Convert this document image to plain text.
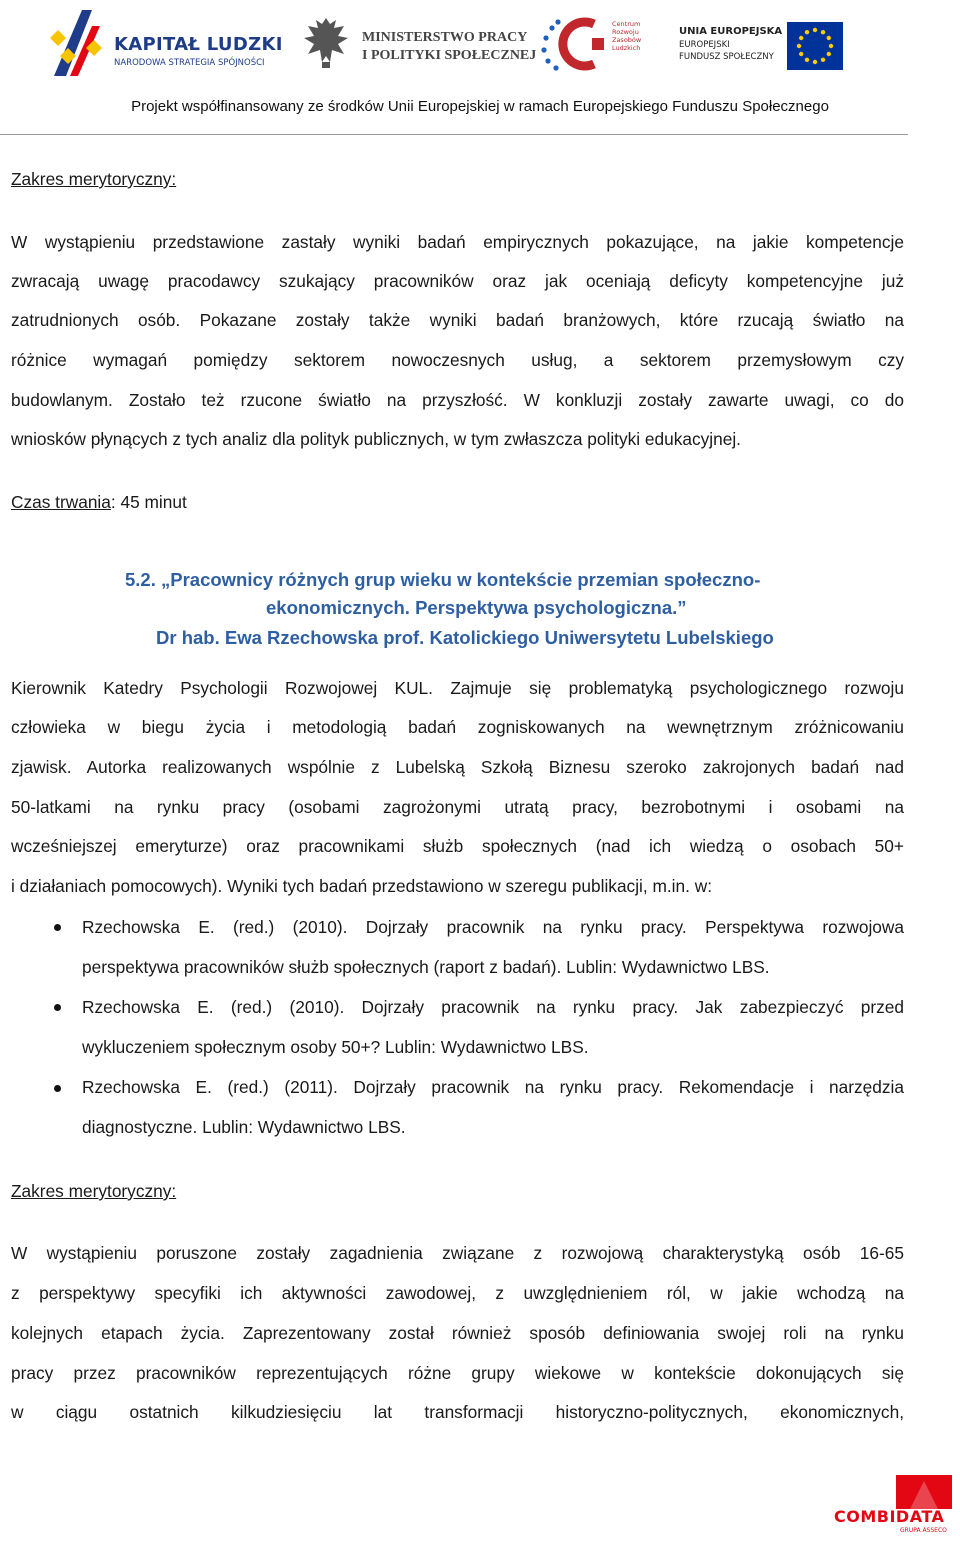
KAPITAŁ LUDZKI
NARODOWA STRATEGIA SPÓJNOŚCI
MINISTERSTWO PRACY
I POLITYKI SPOŁECZNEJ
Centrum
Rozwoju
Zasobów
Ludzkich
UNIA EUROPEJSKA
EUROPEJSKI
FUNDUSZ SPOŁECZNY
Projekt współfinansowany ze środków Unii Europejskiej w ramach Europejskiego Funduszu Społecznego
Zakres merytoryczny:
W wystąpieniu przedstawione zastały wyniki badań empirycznych pokazujące, na jakie kompetencje
zwracają uwagę pracodawcy szukający pracowników oraz jak oceniają deficyty kompetencyjne już
zatrudnionych osób. Pokazane zostały także wyniki badań branżowych, które rzucają światło na
różnice wymagań pomiędzy sektorem nowoczesnych usług, a sektorem przemysłowym czy
budowlanym. Zostało też rzucone światło na przyszłość. W konkluzji zostały zawarte uwagi, co do
wniosków płynących z tych analiz dla polityk publicznych, w tym zwłaszcza polityki edukacyjnej.
Czas trwania: 45 minut
5.2. „Pracownicy różnych grup wieku w kontekście przemian społeczno-
ekonomicznych. Perspektywa psychologiczna.”
Dr hab. Ewa Rzechowska prof. Katolickiego Uniwersytetu Lubelskiego
Kierownik Katedry Psychologii Rozwojowej KUL. Zajmuje się problematyką psychologicznego rozwoju
człowieka w biegu życia i metodologią badań zogniskowanych na wewnętrznym zróżnicowaniu
zjawisk. Autorka realizowanych wspólnie z Lubelską Szkołą Biznesu szeroko zakrojonych badań nad
50-latkami na rynku pracy (osobami zagrożonymi utratą pracy, bezrobotnymi i osobami na
wcześniejszej emeryturze) oraz pracownikami służb społecznych (nad ich wiedzą o osobach 50+
i działaniach pomocowych). Wyniki tych badań przedstawiono w szeregu publikacji, m.in. w:
Rzechowska E. (red.) (2010). Dojrzały pracownik na rynku pracy. Perspektywa rozwojowa
perspektywa pracowników służb społecznych (raport z badań). Lublin: Wydawnictwo LBS.
Rzechowska E. (red.) (2010). Dojrzały pracownik na rynku pracy. Jak zabezpieczyć przed
wykluczeniem społecznym osoby 50+? Lublin: Wydawnictwo LBS.
Rzechowska E. (red.) (2011). Dojrzały pracownik na rynku pracy. Rekomendacje i narzędzia
diagnostyczne. Lublin: Wydawnictwo LBS.
Zakres merytoryczny:
W wystąpieniu poruszone zostały zagadnienia związane z rozwojową charakterystyką osób 16-65
z perspektywy specyfiki ich aktywności zawodowej, z uwzględnieniem ról, w jakie wchodzą na
kolejnych etapach życia. Zaprezentowany został również sposób definiowania swojej roli na rynku
pracy przez pracowników reprezentujących różne grupy wiekowe w kontekście dokonujących się
w ciągu ostatnich kilkudziesięciu lat transformacji historyczno-politycznych, ekonomicznych,
COMBIDATA
GRUPA ASSECO
